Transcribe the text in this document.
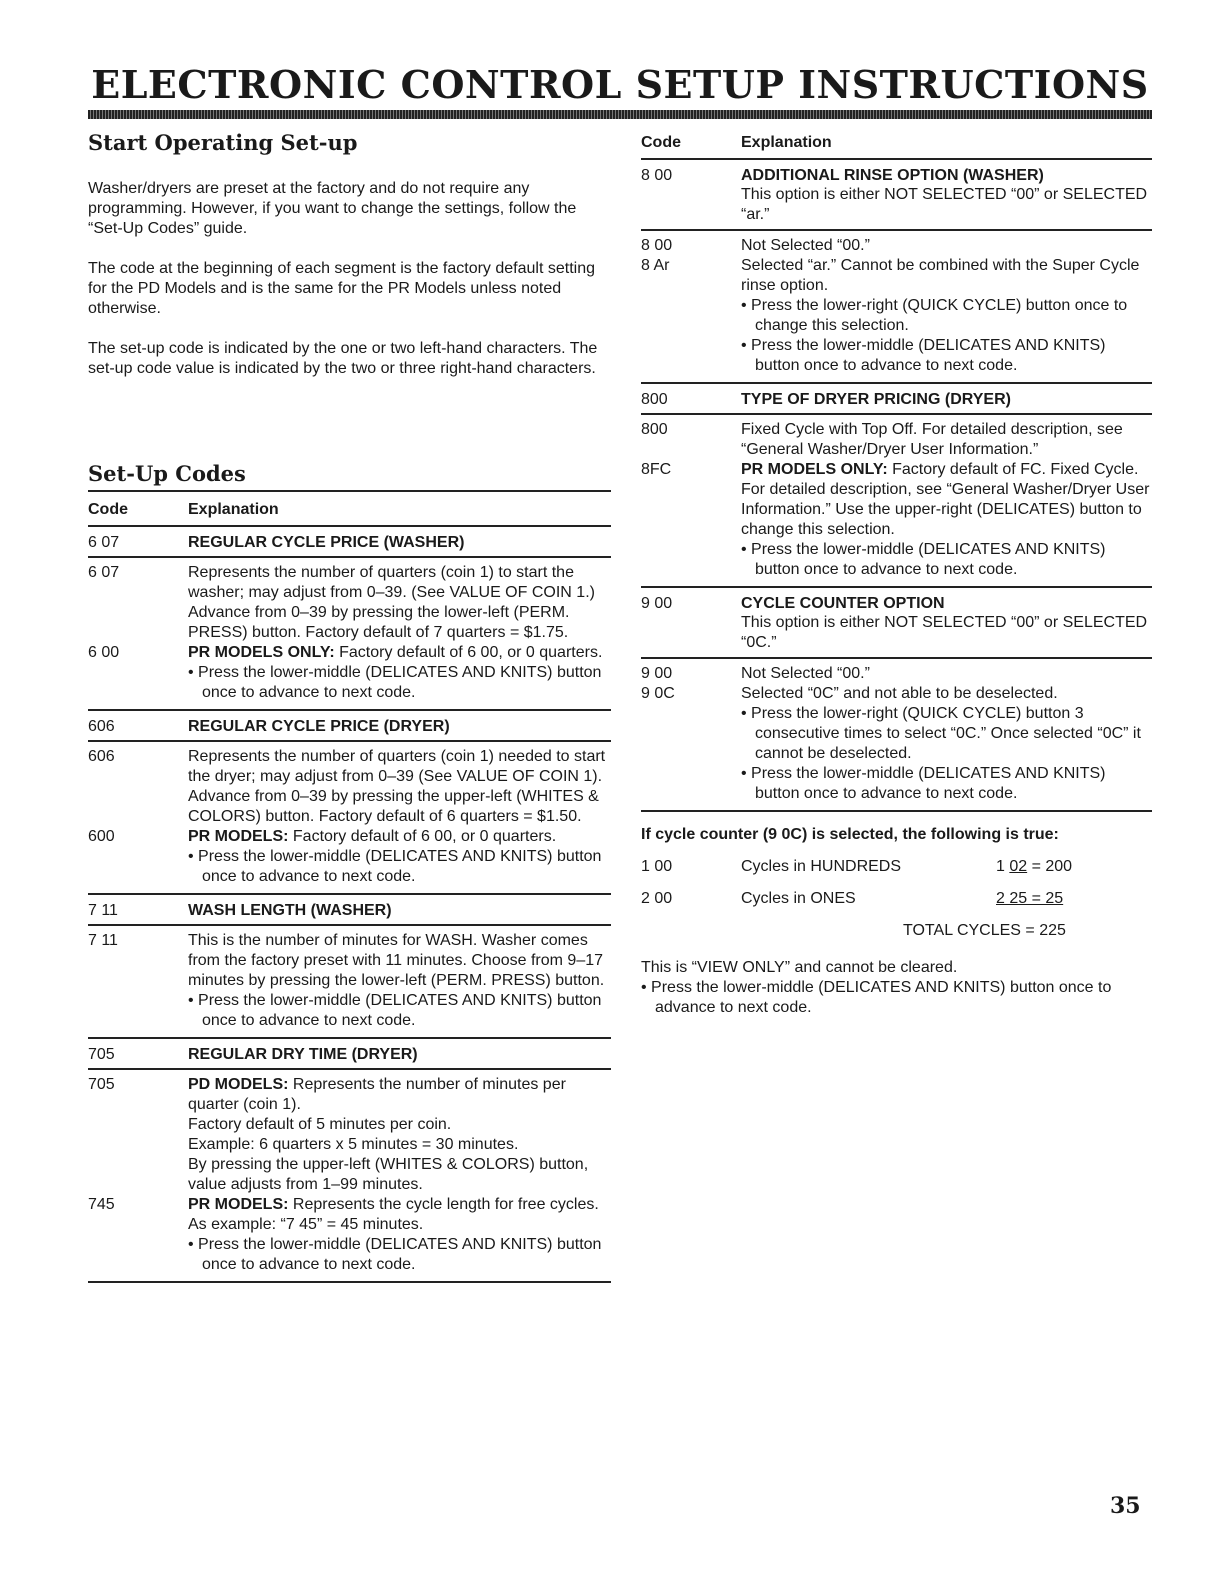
ELECTRONIC CONTROL SETUP INSTRUCTIONS
Start Operating Set-up

Washer/dryers are preset at the factory and do not require any programming. However, if you want to change the settings, follow the “Set-Up Codes” guide.

The code at the beginning of each segment is the factory default setting for the PD Models and is the same for the PR Models unless noted otherwise.

The set-up code is indicated by the one or two left-hand characters. The set-up code value is indicated by the two or three right-hand characters.

Set-Up Codes
Code	Explanation
6 07	REGULAR CYCLE PRICE (WASHER)
6 07	Represents the number of quarters (coin 1) to start the washer; may adjust from 0–39. (See VALUE OF COIN 1.) Advance from 0–39 by pressing the lower-left (PERM. PRESS) button. Factory default of 7 quarters = $1.75.
6 00	PR MODELS ONLY: Factory default of 6 00, or 0 quarters.
• Press the lower-middle (DELICATES AND KNITS) button once to advance to next code.
606	REGULAR CYCLE PRICE (DRYER)
606	Represents the number of quarters (coin 1) needed to start the dryer; may adjust from 0–39 (See VALUE OF COIN 1). Advance from 0–39 by pressing the upper-left (WHITES & COLORS) button. Factory default of 6 quarters = $1.50.
600	PR MODELS: Factory default of 6 00, or 0 quarters.
• Press the lower-middle (DELICATES AND KNITS) button once to advance to next code.
7 11	WASH LENGTH (WASHER)
7 11	This is the number of minutes for WASH. Washer comes from the factory preset with 11 minutes. Choose from 9–17 minutes by pressing the lower-left (PERM. PRESS) button.
• Press the lower-middle (DELICATES AND KNITS) button once to advance to next code.
705	REGULAR DRY TIME (DRYER)
705	PD MODELS: Represents the number of minutes per quarter (coin 1).
Factory default of 5 minutes per coin.
Example: 6 quarters x 5 minutes = 30 minutes.
By pressing the upper-left (WHITES & COLORS) button, value adjusts from 1–99 minutes.
745	PR MODELS: Represents the cycle length for free cycles. As example: “7 45” = 45 minutes.
• Press the lower-middle (DELICATES AND KNITS) button once to advance to next code.
Code	Explanation
8 00	ADDITIONAL RINSE OPTION (WASHER)
This option is either NOT SELECTED “00” or SELECTED “ar.”
8 00	Not Selected “00.”
8 Ar	Selected “ar.” Cannot be combined with the Super Cycle rinse option.
• Press the lower-right (QUICK CYCLE) button once to change this selection.
• Press the lower-middle (DELICATES AND KNITS) button once to advance to next code.
800	TYPE OF DRYER PRICING (DRYER)
800	Fixed Cycle with Top Off. For detailed description, see “General Washer/Dryer User Information.”
8FC	PR MODELS ONLY: Factory default of FC. Fixed Cycle. For detailed description, see “General Washer/Dryer User Information.” Use the upper-right (DELICATES) button to change this selection.
• Press the lower-middle (DELICATES AND KNITS) button once to advance to next code.
9 00	CYCLE COUNTER OPTION
This option is either NOT SELECTED “00” or SELECTED “0C.”
9 00	Not Selected “00.”
9 0C	Selected “0C” and not able to be deselected.
• Press the lower-right (QUICK CYCLE) button 3 consecutive times to select “0C.” Once selected “0C” it cannot be deselected.
• Press the lower-middle (DELICATES AND KNITS) button once to advance to next code.
If cycle counter (9 0C) is selected, the following is true:
1 00	Cycles in HUNDREDS	1 02 = 200
2 00	Cycles in ONES	2 25 = 25
TOTAL CYCLES = 225

This is “VIEW ONLY” and cannot be cleared.

• Press the lower-middle (DELICATES AND KNITS) button once to advance to next code.

35
